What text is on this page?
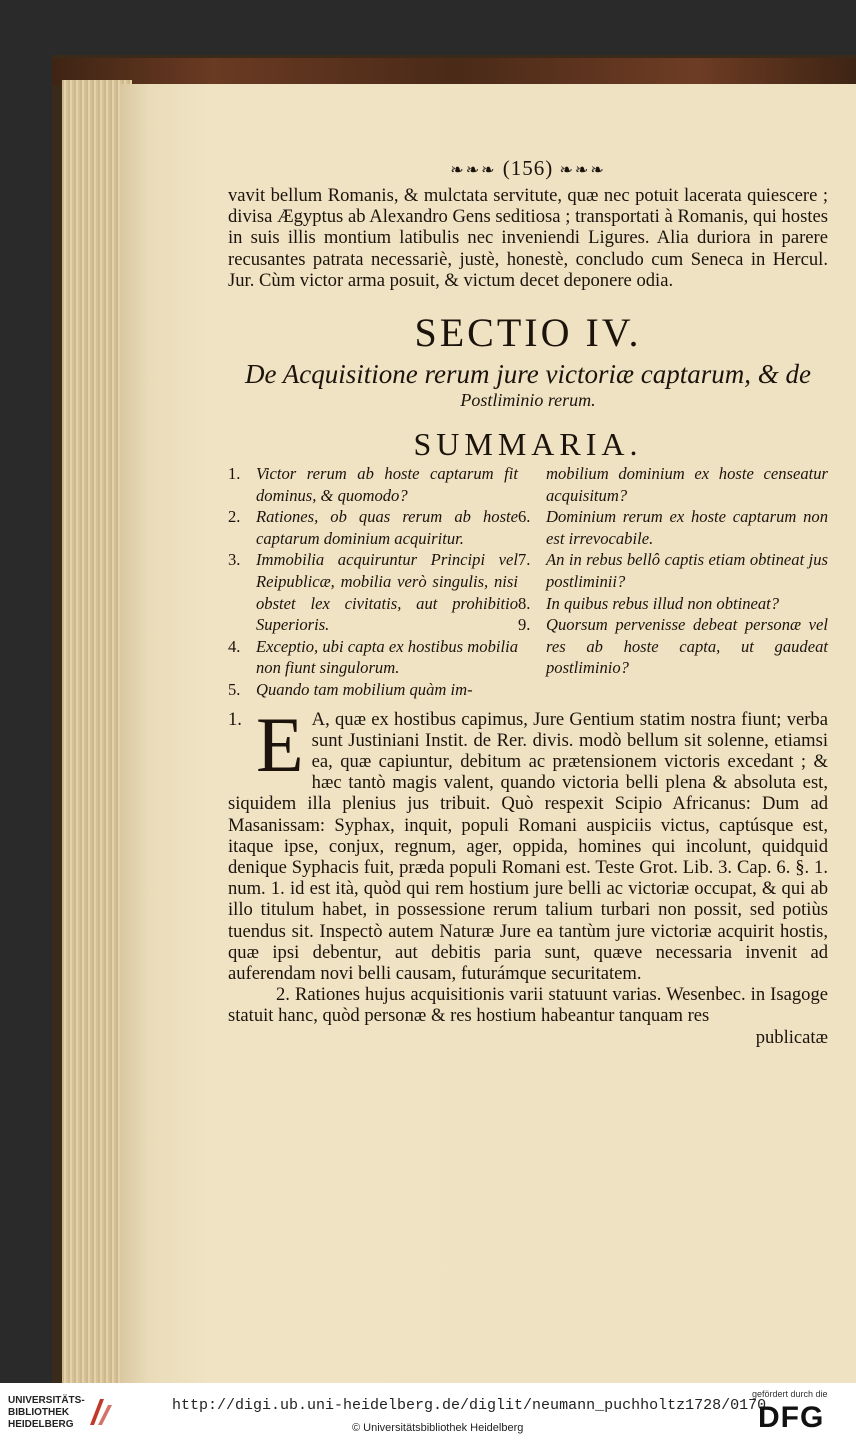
❧❧❧ (156) ❧❧❧

vavit bellum Romanis, & mulctata servitute, quæ nec potuit lacerata quiescere ; divisa Ægyptus ab Alexandro Gens seditiosa ; transportati à Romanis, qui hostes in suis illis montium latibulis nec inveniendi Ligures. Alia duriora in parere recusantes patrata necessariè, justè, honestè, concludo cum Seneca in Hercul. Jur. Cùm victor arma posuit, & victum decet deponere odia.

SECTIO IV.
De Acquisitione rerum jure victoriæ captarum, & de
Postliminio rerum.
SUMMARIA.
1. Victor rerum ab hoste captarum fit dominus, & quomodo?
2. Rationes, ob quas rerum ab hoste captarum dominium acquiritur.
3. Immobilia acquiruntur Principi vel Reipublicæ, mobilia verò singulis, nisi obstet lex civitatis, aut prohibitio Superioris.
4. Exceptio, ubi capta ex hostibus mobilia non fiunt singulorum.
5. Quando tam mobilium quàm im-
mobilium dominium ex hoste censeatur acquisitum?
6. Dominium rerum ex hoste captarum non est irrevocabile.
7. An in rebus bellô captis etiam obtineat jus postliminii?
8. In quibus rebus illud non obtineat?
9. Quorsum pervenisse debeat personæ vel res ab hoste capta, ut gaudeat postliminio?
1. E A, quæ ex hostibus capimus, Jure Gentium statim nostra fiunt; verba sunt Justiniani Instit. de Rer. divis. modò bellum sit solenne, etiamsi ea, quæ capiuntur, debitum ac prætensionem victoris excedant ; & hæc tantò magis valent, quando victoria belli plena & absoluta est, siquidem illa plenius jus tribuit. Quò respexit Scipio Africanus: Dum ad Masanissam: Syphax, inquit, populi Romani auspiciis victus, captúsque est, itaque ipse, conjux, regnum, ager, oppida, homines qui incolunt, quidquid denique Syphacis fuit, præda populi Romani est. Teste Grot. Lib. 3. Cap. 6. §. 1. num. 1. id est ità, quòd qui rem hostium jure belli ac victoriæ occupat, & qui ab illo titulum habet, in possessione rerum talium turbari non possit, sed potiùs tuendus sit. Inspectò autem Naturæ Jure ea tantùm jure victoriæ acquirit hostis, quæ ipsi debentur, aut debitis paria sunt, quæve necessaria invenit ad auferendam novi belli causam, futurámque securitatem.

2. Rationes hujus acquisitionis varii statuunt varias. Wesenbec. in Isagoge statuit hanc, quòd personæ & res hostium habeantur tanquam res

publicatæ
UNIVERSITÄTS-
BIBLIOTHEK
HEIDELBERG
http://digi.ub.uni-heidelberg.de/diglit/neumann_puchholtz1728/0170
© Universitätsbibliothek Heidelberg
gefördert durch die
DFG
